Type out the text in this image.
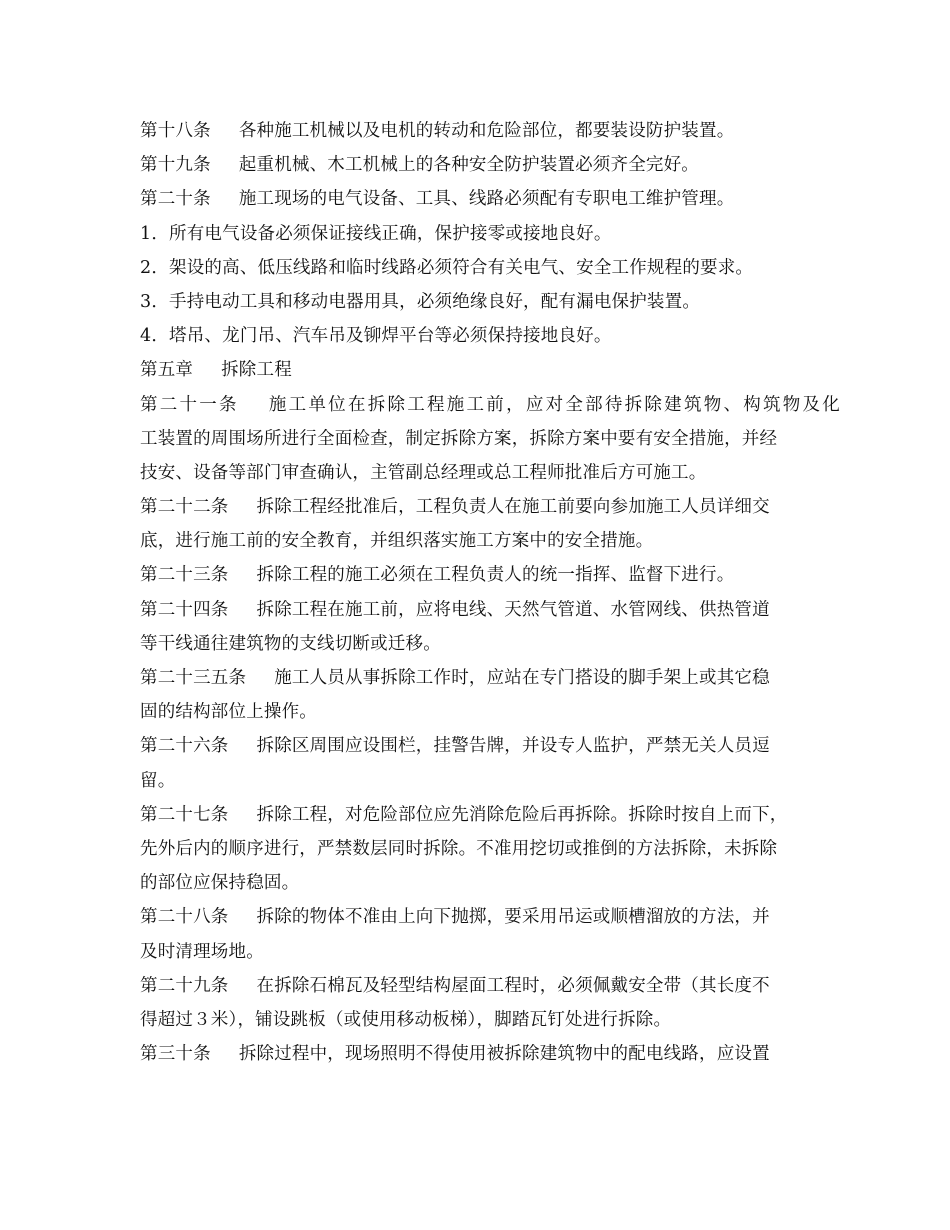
第十八条 各种施工机械以及电机的转动和危险部位，都要装设防护装置。
第十九条 起重机械、木工机械上的各种安全防护装置必须齐全完好。
第二十条 施工现场的电气设备、工具、线路必须配有专职电工维护管理。
1．所有电气设备必须保证接线正确，保护接零或接地良好。
2．架设的高、低压线路和临时线路必须符合有关电气、安全工作规程的要求。
3．手持电动工具和移动电器用具，必须绝缘良好，配有漏电保护装置。
4．塔吊、龙门吊、汽车吊及铆焊平台等必须保持接地良好。
第五章 拆除工程
第二十一条 施工单位在拆除工程施工前，应对全部待拆除建筑物、构筑物及化
工装置的周围场所进行全面检查，制定拆除方案，拆除方案中要有安全措施，并经
技安、设备等部门审查确认，主管副总经理或总工程师批准后方可施工。
第二十二条 拆除工程经批准后，工程负责人在施工前要向参加施工人员详细交
底，进行施工前的安全教育，并组织落实施工方案中的安全措施。
第二十三条 拆除工程的施工必须在工程负责人的统一指挥、监督下进行。
第二十四条 拆除工程在施工前，应将电线、天然气管道、水管网线、供热管道
等干线通往建筑物的支线切断或迁移。
第二十三五条 施工人员从事拆除工作时，应站在专门搭设的脚手架上或其它稳
固的结构部位上操作。
第二十六条 拆除区周围应设围栏，挂警告牌，并设专人监护，严禁无关人员逗
留。
第二十七条 拆除工程，对危险部位应先消除危险后再拆除。拆除时按自上而下，
先外后内的顺序进行，严禁数层同时拆除。不准用挖切或推倒的方法拆除，未拆除
的部位应保持稳固。
第二十八条 拆除的物体不准由上向下抛掷，要采用吊运或顺槽溜放的方法，并
及时清理场地。
第二十九条 在拆除石棉瓦及轻型结构屋面工程时，必须佩戴安全带（其长度不
得超过３米），铺设跳板（或使用移动板梯），脚踏瓦钉处进行拆除。
第三十条 拆除过程中，现场照明不得使用被拆除建筑物中的配电线路，应设置
